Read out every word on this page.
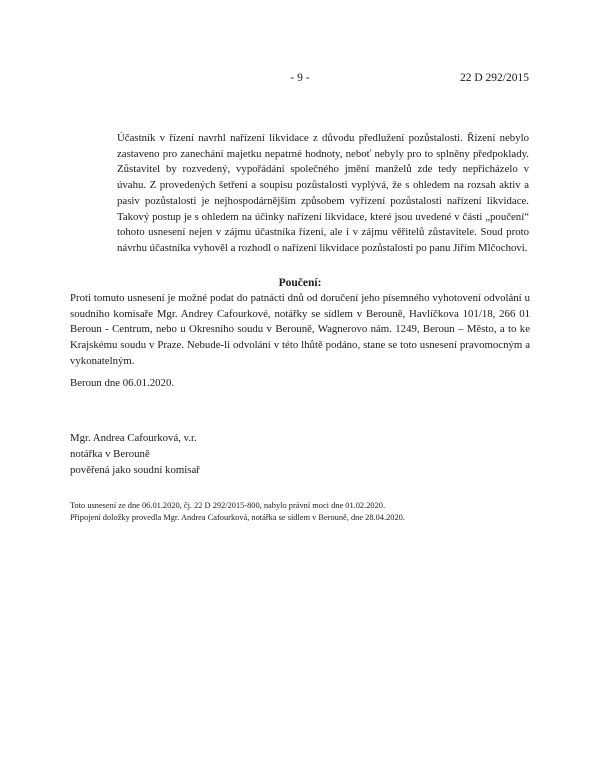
- 9 -	22 D 292/2015

Účastník v řízení navrhl nařízení likvidace z důvodu předlužení pozůstalosti. Řízení nebylo zastaveno pro zanechání majetku nepatrné hodnoty, neboť nebyly pro to splněny předpoklady. Zůstavitel by rozvedený, vypořádání společného jmění manželů zde tedy nepřicházelo v úvahu. Z provedených šetření a soupisu pozůstalosti vyplývá, že s ohledem na rozsah aktiv a pasiv pozůstalosti je nejhospodárnějším způsobem vyřízení pozůstalosti nařízení likvidace. Takový postup je s ohledem na účinky nařízení likvidace, které jsou uvedené v části „poučení“ tohoto usnesení nejen v zájmu účastníka řízení, ale i v zájmu věřitelů zůstavitele. Soud proto návrhu účastníka vyhověl a rozhodl o nařízení likvidace pozůstalosti po panu Jiřím Mlčochovi.

Poučení:

Proti tomuto usnesení je možné podat do patnácti dnů od doručení jeho písemného vyhotovení odvolání u soudního komisaře Mgr. Andrey Cafourkové, notářky se sídlem v Berouně, Havlíčkova 101/18, 266 01 Beroun - Centrum, nebo u Okresního soudu v Berouně, Wagnerovo nám. 1249, Beroun – Město, a to ke Krajskému soudu v Praze. Nebude-li odvolání v této lhůtě podáno, stane se toto usnesení pravomocným a vykonatelným.

Beroun dne 06.01.2020.

Mgr. Andrea Cafourková, v.r.
notářka v Berouně
pověřená jako soudní komisař
Toto usnesení ze dne 06.01.2020, čj. 22 D 292/2015-800, nabylo právní moci dne 01.02.2020.
Připojení doložky provedla Mgr. Andrea Cafourková, notářka se sídlem v Berouně, dne 28.04.2020.
